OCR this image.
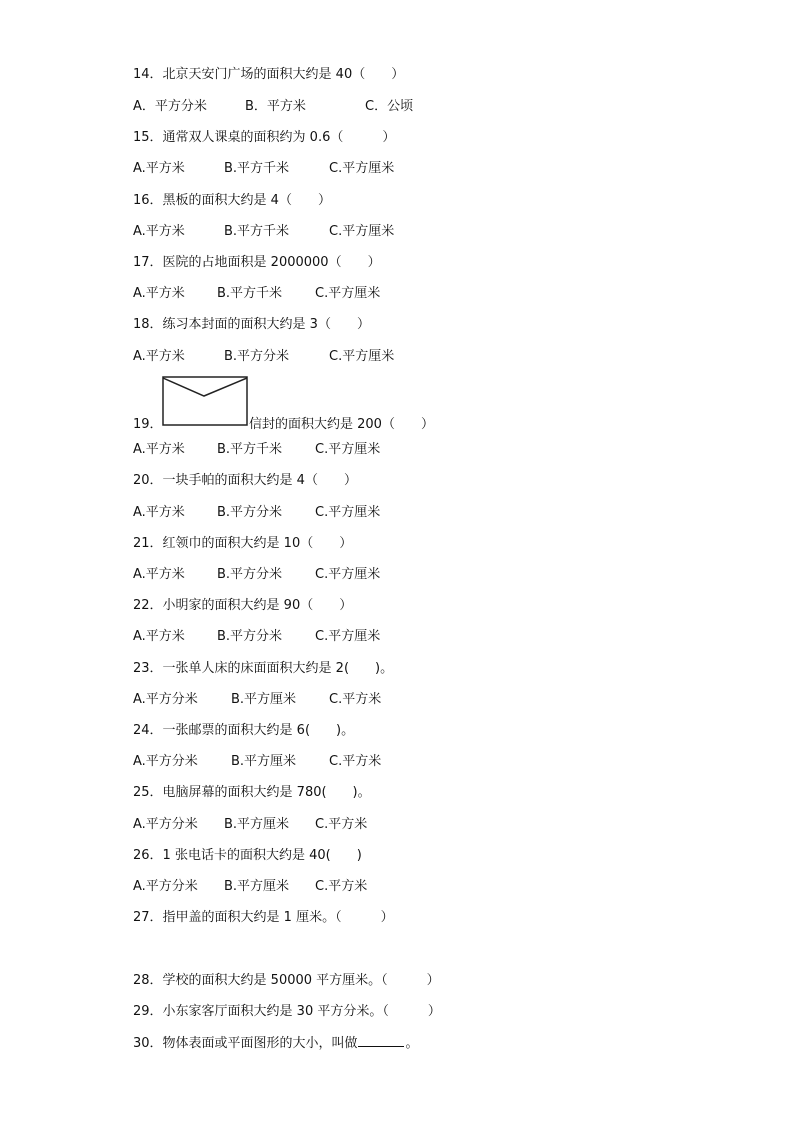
14．北京天安门广场的面积大约是 40（　　）
A．平方分米	B．平方米	C．公顷
15．通常双人课桌的面积约为 0.6（　　　）
A.平方米	B.平方千米	C.平方厘米
16．黑板的面积大约是 4（　　）
A.平方米	B.平方千米	C.平方厘米
17．医院的占地面积是 2000000（　　）
A.平方米 B.平方千米	C.平方厘米
18．练习本封面的面积大约是 3（　　）
A.平方米	B.平方分米	C.平方厘米
19．	信封的面积大约是 200（　　）
A.平方米 B.平方千米	C.平方厘米
20．一块手帕的面积大约是 4（　　）
A.平方米 B.平方分米	C.平方厘米
21．红领巾的面积大约是 10（　　）
A.平方米 B.平方分米	C.平方厘米
22．小明家的面积大约是 90（　　）
A.平方米 B.平方分米	C.平方厘米
23．一张单人床的床面面积大约是 2(　　)。
A.平方分米	B.平方厘米	C.平方米
24．一张邮票的面积大约是 6(　　)。
A.平方分米	B.平方厘米	C.平方米
25．电脑屏幕的面积大约是 780(　　)。
A.平方分米 B.平方厘米 C.平方米
26．1 张电话卡的面积大约是 40(　　)
A.平方分米 B.平方厘米 C.平方米
27．指甲盖的面积大约是 1 厘米。（　　　）
28．学校的面积大约是 50000 平方厘米。（　　　）
29．小东家客厅面积大约是 30 平方分米。（　　　）
30．物体表面或平面图形的大小，叫做	。
